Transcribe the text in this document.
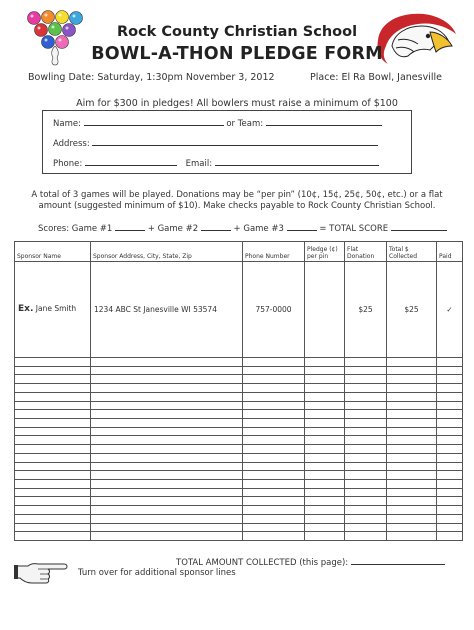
Rock County Christian School
BOWL-A-THON PLEDGE FORM
Bowling Date: Saturday, 1:30pm November 3, 2012	Place: El Ra Bowl, Janesville
Aim for $300 in pledges! All bowlers must raise a minimum of $100
Name:	or Team:
Address:
Phone:	Email:
A total of 3 games will be played. Donations may be “per pin” (10¢, 15¢, 25¢, 50¢, etc.) or a flat
amount (suggested minimum of $10). Make checks payable to Rock County Christian School.
Scores: Game #1	+ Game #2	+ Game #3	= TOTAL SCORE
Sponsor Name	Sponsor Address, City, State, Zip	Phone Number	Pledge (¢) per pin	Flat Donation	Total $ Collected	Paid
Ex. Jane Smith	1234 ABC St Janesville WI 53574	757-0000		$25	$25	✓

TOTAL AMOUNT COLLECTED (this page):
Turn over for additional sponsor lines
